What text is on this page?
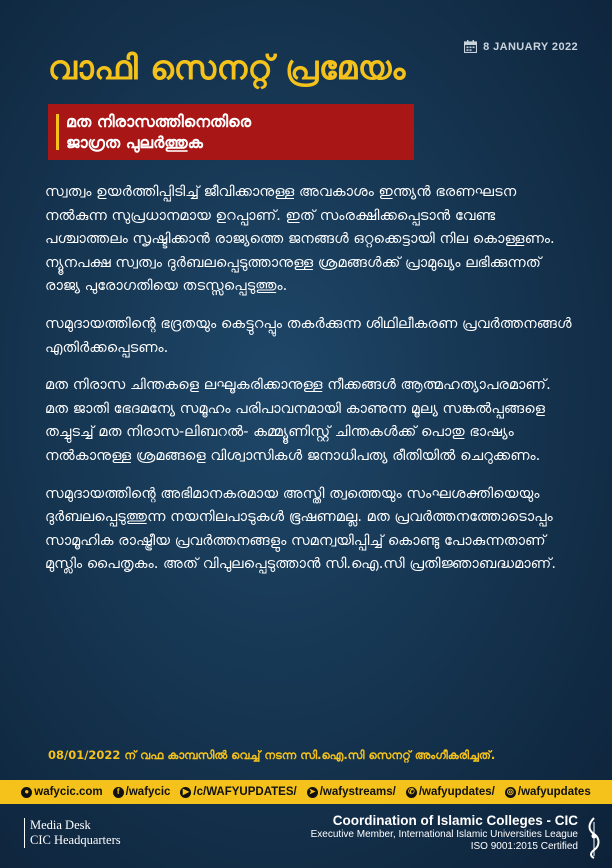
8 JANUARY 2022
വാഫി സെനറ്റ് പ്രമേയം
മത നിരാസത്തിനെതിരെ
ജാഗ്രത പുലർത്തുക

സ്വത്വം ഉയർത്തിപ്പിടിച്ച് ജീവിക്കാനുള്ള അവകാശം ഇന്ത്യൻ ഭരണഘടന നൽകുന്ന സുപ്രധാനമായ ഉറപ്പാണ്. ഇത് സംരക്ഷിക്കപ്പെടാൻ വേണ്ട പശ്ചാത്തലം സൃഷ്ടിക്കാൻ രാജ്യത്തെ ജനങ്ങൾ ഒറ്റക്കെട്ടായി നില കൊള്ളണം. ന്യൂനപക്ഷ സ്വത്വം ദുർബലപ്പെടുത്താനുള്ള ശ്രമങ്ങൾക്ക് പ്രാമുഖ്യം ലഭിക്കുന്നത് രാജ്യ പുരോഗതിയെ തടസ്സപ്പെടുത്തും.

സമുദായത്തിന്റെ ഭദ്രതയും കെട്ടുറപ്പും തകർക്കുന്ന ശിഥിലീകരണ പ്രവർത്തനങ്ങൾ എതിർക്കപ്പെടണം.

മത നിരാസ ചിന്തകളെ ലഘൂകരിക്കാനുള്ള നീക്കങ്ങൾ ആത്മഹത്യാപരമാണ്. മത ജാതി ഭേദമന്യേ സമൂഹം പരിപാവനമായി കാണുന്ന മൂല്യ സങ്കൽപ്പങ്ങളെ തച്ചുടച്ച് മത നിരാസ-ലിബറൽ- കമ്മ്യൂണിസ്റ്റ് ചിന്തകൾക്ക് പൊതു ഭാഷ്യം നൽകാനുള്ള ശ്രമങ്ങളെ വിശ്വാസികൾ ജനാധിപത്യ രീതിയിൽ ചെറുക്കണം.

സമുദായത്തിന്റെ അഭിമാനകരമായ അസ്തി ത്വത്തെയും സംഘശക്തിയെയും ദുർബലപ്പെടുത്തുന്ന നയനിലപാടുകൾ ഭൂഷണമല്ല. മത പ്രവർത്തനത്തോടൊപ്പം സാമൂഹിക രാഷ്ട്രീയ പ്രവർത്തനങ്ങളും സമന്വയിപ്പിച്ച് കൊണ്ടു പോകുന്നതാണ് മുസ്ലിം പൈതൃകം. അത് വിപുലപ്പെടുത്താൻ സി.ഐ.സി പ്രതിജ്ഞാബദ്ധമാണ്.

08/01/2022 ന് വഫ കാമ്പസിൽ വെച്ച് നടന്ന സി.ഐ.സി സെനറ്റ് അംഗീകരിച്ചത്.

● wafycic.com	f /wafycic	▶ /c/WAFYUPDATES/ ➤ /wafystreams/ ✆ /wafyupdates/ ◎ /wafyupdates
Media Desk
CIC Headquarters
Coordination of Islamic Colleges - CIC
Executive Member, International Islamic Universities League
ISO 9001:2015 Certified
